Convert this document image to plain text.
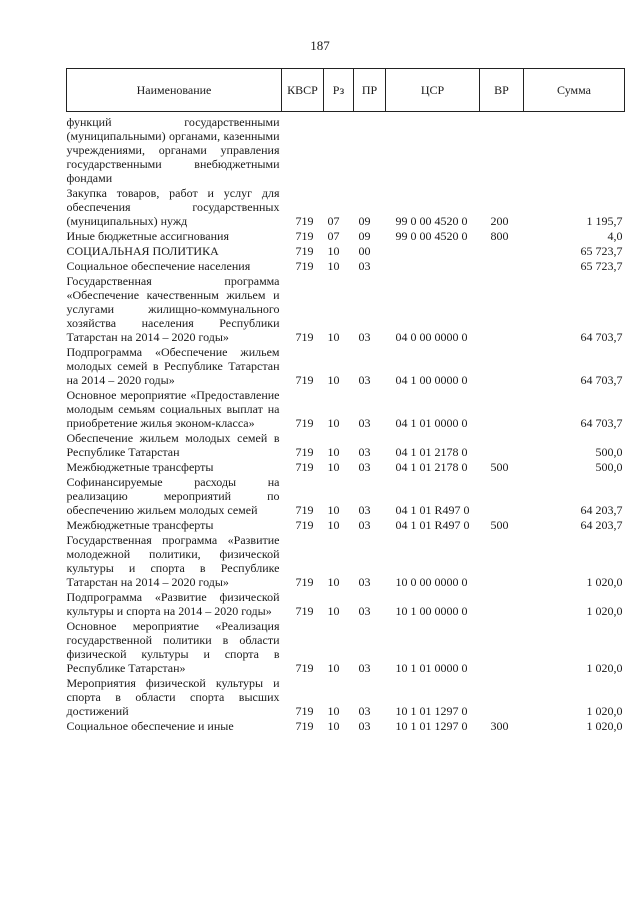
187
Наименование	КВСР	Рз	ПР	ЦСР	ВР	Сумма
функций государственными (муниципальными) органами, казенными учреждениями, органами управления государственными внебюджетными фондами						
Закупка товаров, работ и услуг для обеспечения государственных (муниципальных) нужд	719	07	09	99 0 00 4520 0	200	1 195,7
Иные бюджетные ассигнования	719	07	09	99 0 00 4520 0	800	4,0
СОЦИАЛЬНАЯ ПОЛИТИКА	719	10	00			65 723,7
Социальное обеспечение населения	719	10	03			65 723,7
Государственная программа «Обеспечение качественным жильем и услугами жилищно-коммунального хозяйства населения Республики Татарстан на 2014 – 2020 годы»	719	10	03	04 0 00 0000 0		64 703,7
Подпрограмма «Обеспечение жильем молодых семей в Республике Татарстан на 2014 – 2020 годы»	719	10	03	04 1 00 0000 0		64 703,7
Основное мероприятие «Предоставление молодым семьям социальных выплат на приобретение жилья эконом-класса»	719	10	03	04 1 01 0000 0		64 703,7
Обеспечение жильем молодых семей в Республике Татарстан	719	10	03	04 1 01 2178 0		500,0
Межбюджетные трансферты	719	10	03	04 1 01 2178 0	500	500,0
Софинансируемые расходы на реализацию мероприятий по обеспечению жильем молодых семей	719	10	03	04 1 01 R497 0		64 203,7
Межбюджетные трансферты	719	10	03	04 1 01 R497 0	500	64 203,7
Государственная программа «Развитие молодежной политики, физической культуры и спорта в Республике Татарстан на 2014 – 2020 годы»	719	10	03	10 0 00 0000 0		1 020,0
Подпрограмма «Развитие физической культуры и спорта на 2014 – 2020 годы»	719	10	03	10 1 00 0000 0		1 020,0
Основное мероприятие «Реализация государственной политики в области физической культуры и спорта в Республике Татарстан»	719	10	03	10 1 01 0000 0		1 020,0
Мероприятия физической культуры и спорта в области спорта высших достижений	719	10	03	10 1 01 1297 0		1 020,0
Социальное обеспечение и иные	719	10	03	10 1 01 1297 0	300	1 020,0
